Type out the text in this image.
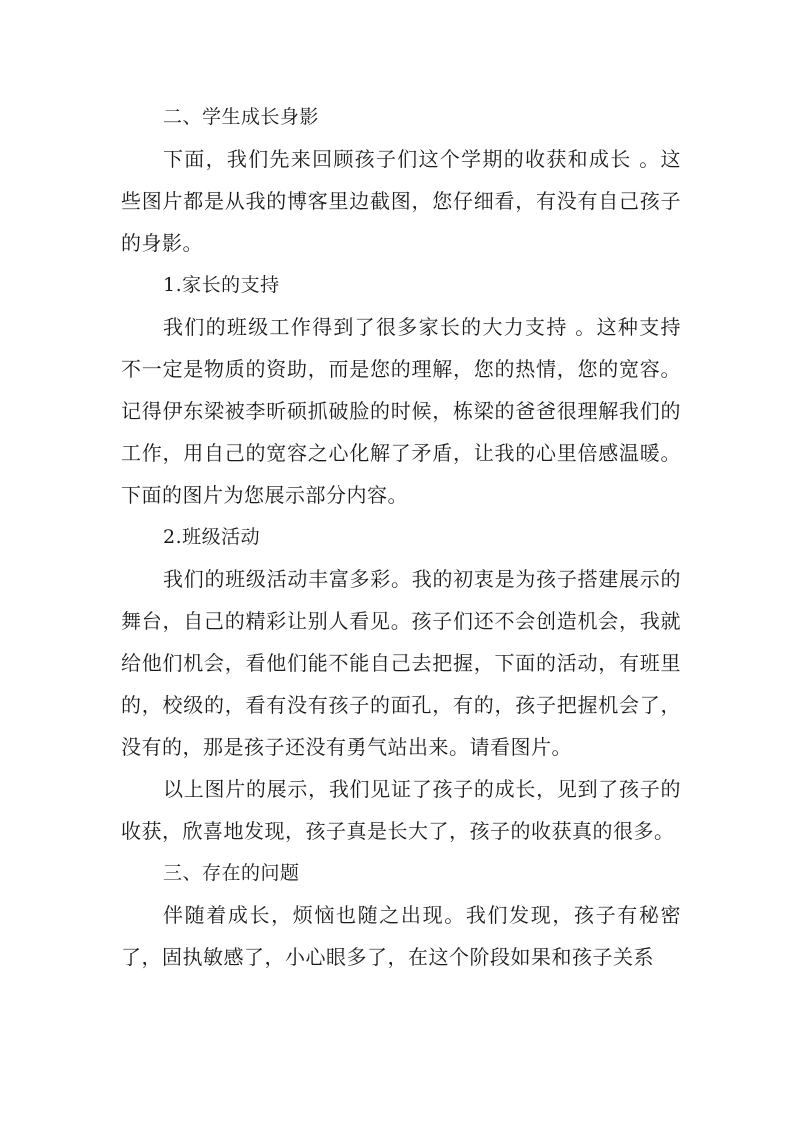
二、学生成长身影

下面，我们先来回顾孩子们这个学期的收获和成长 。这些图片都是从我的博客里边截图，您仔细看，有没有自己孩子的身影。

1.家长的支持

我们的班级工作得到了很多家长的大力支持 。这种支持不一定是物质的资助，而是您的理解，您的热情，您的宽容。记得伊东梁被李昕硕抓破脸的时候，栋梁的爸爸很理解我们的工作，用自己的宽容之心化解了矛盾，让我的心里倍感温暖。下面的图片为您展示部分内容。

2.班级活动

我们的班级活动丰富多彩。我的初衷是为孩子搭建展示的舞台，自己的精彩让别人看见。孩子们还不会创造机会，我就给他们机会，看他们能不能自己去把握，下面的活动，有班里的，校级的，看有没有孩子的面孔，有的，孩子把握机会了，没有的，那是孩子还没有勇气站出来。请看图片。

以上图片的展示，我们见证了孩子的成长，见到了孩子的收获，欣喜地发现，孩子真是长大了，孩子的收获真的很多。

三、存在的问题

伴随着成长，烦恼也随之出现。我们发现，孩子有秘密了，固执敏感了，小心眼多了，在这个阶段如果和孩子关系
